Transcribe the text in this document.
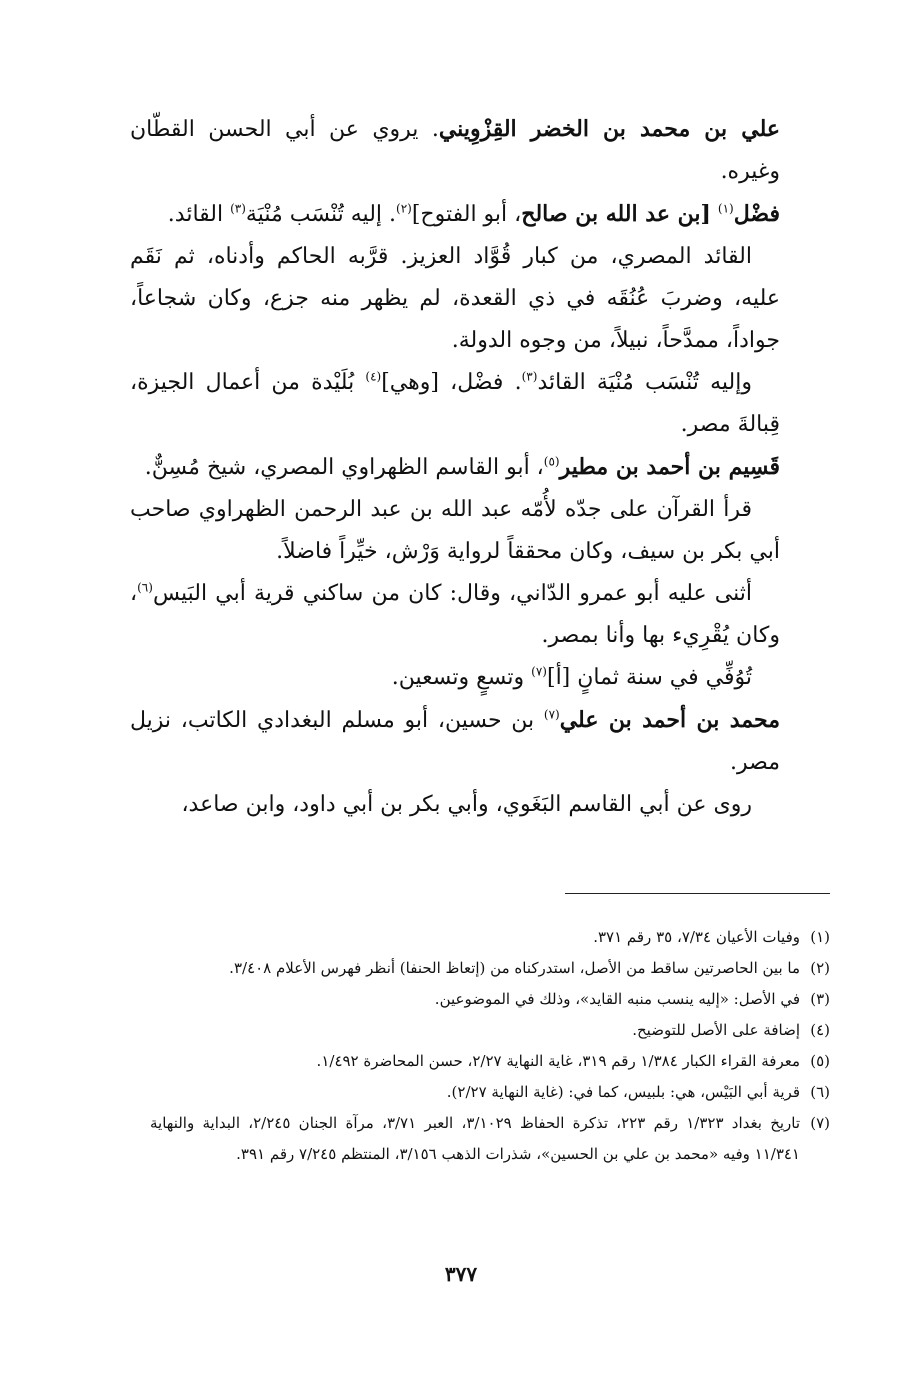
علي بن محمد بن الخضر القِزْوِيني. يروي عن أبي الحسن القطّان وغيره.

فضْل$^{(١)}$ [بن عد الله بن صالح، أبو الفتوح]$^{(٢)}$. إليه تُنْسَب مُنْيَة$^{(٣)}$ القائد.

القائد المصري، من كبار قُوَّاد العزيز. قرَّبه الحاكم وأدناه، ثم نَقَم عليه، وضربَ عُنُقَه في ذي القعدة، لم يظهر منه جزع، وكان شجاعاً، جواداً، ممدَّحاً، نبيلاً، من وجوه الدولة.

وإليه تُنْسَب مُنْيَة القائد$^{(٣)}$. فضْل، [وهي]$^{(٤)}$ بُلَيْدة من أعمال الجيزة، قِبالةَ مصر.

قَسِيم بن أحمد بن مطير$^{(٥)}$، أبو القاسم الظهراوي المصري، شيخ مُسِنٌّ.

قرأ القرآن على جدّه لأُمّه عبد الله بن عبد الرحمن الظهراوي صاحب أبي بكر بن سيف، وكان محققاً لرواية وَرْش، خيِّراً فاضلاً.

أثنى عليه أبو عمرو الدّاني، وقال: كان من ساكني قرية أبي البَيس$^{(٦)}$، وكان يُقْرِيء بها وأنا بمصر.

تُوُفِّي في سنة ثمانٍ [أ]$^{(٧)}$ وتسعٍ وتسعين.

محمد بن أحمد بن علي$^{(٧)}$ بن حسين، أبو مسلم البغدادي الكاتب، نزيل مصر.

روى عن أبي القاسم البَغَوي، وأبي بكر بن أبي داود، وابن صاعد،

(١)
وفيات الأعيان ٧/٣٤، ٣٥ رقم ٣٧١.

(٢)
ما بين الحاصرتين ساقط من الأصل، استدركناه من (إتعاظ الحنفا) أنظر فهرس الأعلام ٣/٤٠٨.

(٣)
في الأصل: «إليه ينسب منبه القايد»، وذلك في الموضوعين.

(٤)
إضافة على الأصل للتوضيح.

(٥)
معرفة القراء الكبار ١/٣٨٤ رقم ٣١٩، غاية النهاية ٢/٢٧، حسن المحاضرة ١/٤٩٢.

(٦)
قرية أبي البَيْس، هي: بلبيس، كما في: (غاية النهاية ٢/٢٧).

(٧)
تاريخ بغداد ١/٣٢٣ رقم ٢٢٣، تذكرة الحفاظ ٣/١٠٢٩، العبر ٣/٧١، مرآة الجنان ٢/٢٤٥، البداية والنهاية ١١/٣٤١ وفيه «محمد بن علي بن الحسين»، شذرات الذهب ٣/١٥٦، المنتظم ٧/٢٤٥ رقم ٣٩١.

٣٧٧
